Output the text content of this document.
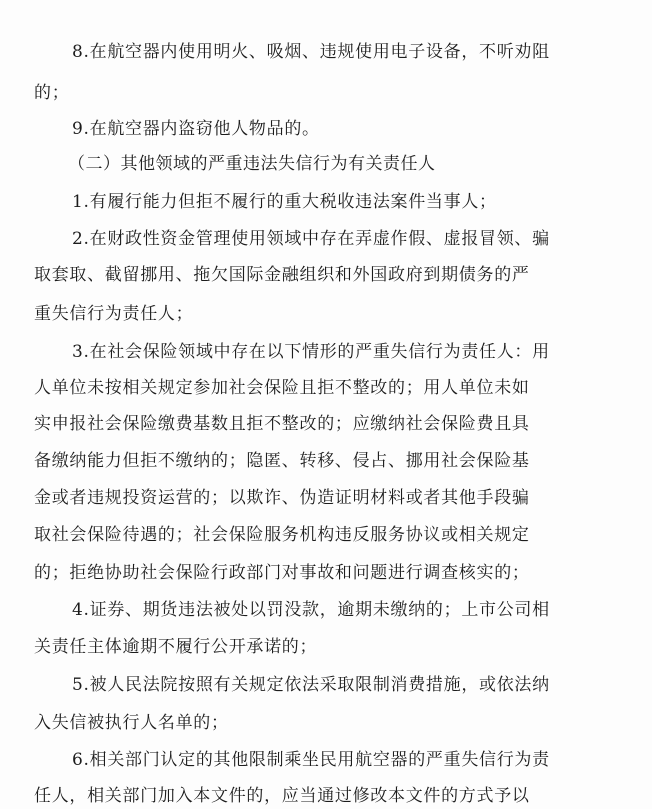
8.在航空器内使用明火、吸烟、违规使用电子设备，不听劝阻
的；
9.在航空器内盗窃他人物品的。
（二）其他领域的严重违法失信行为有关责任人
1.有履行能力但拒不履行的重大税收违法案件当事人；
2.在财政性资金管理使用领域中存在弄虚作假、虚报冒领、骗
取套取、截留挪用、拖欠国际金融组织和外国政府到期债务的严
重失信行为责任人；
3.在社会保险领域中存在以下情形的严重失信行为责任人：用
人单位未按相关规定参加社会保险且拒不整改的；用人单位未如
实申报社会保险缴费基数且拒不整改的；应缴纳社会保险费且具
备缴纳能力但拒不缴纳的；隐匿、转移、侵占、挪用社会保险基
金或者违规投资运营的；以欺诈、伪造证明材料或者其他手段骗
取社会保险待遇的；社会保险服务机构违反服务协议或相关规定
的；拒绝协助社会保险行政部门对事故和问题进行调查核实的；
4.证券、期货违法被处以罚没款，逾期未缴纳的；上市公司相
关责任主体逾期不履行公开承诺的；
5.被人民法院按照有关规定依法采取限制消费措施，或依法纳
入失信被执行人名单的；
6.相关部门认定的其他限制乘坐民用航空器的严重失信行为责
任人，相关部门加入本文件的，应当通过修改本文件的方式予以
